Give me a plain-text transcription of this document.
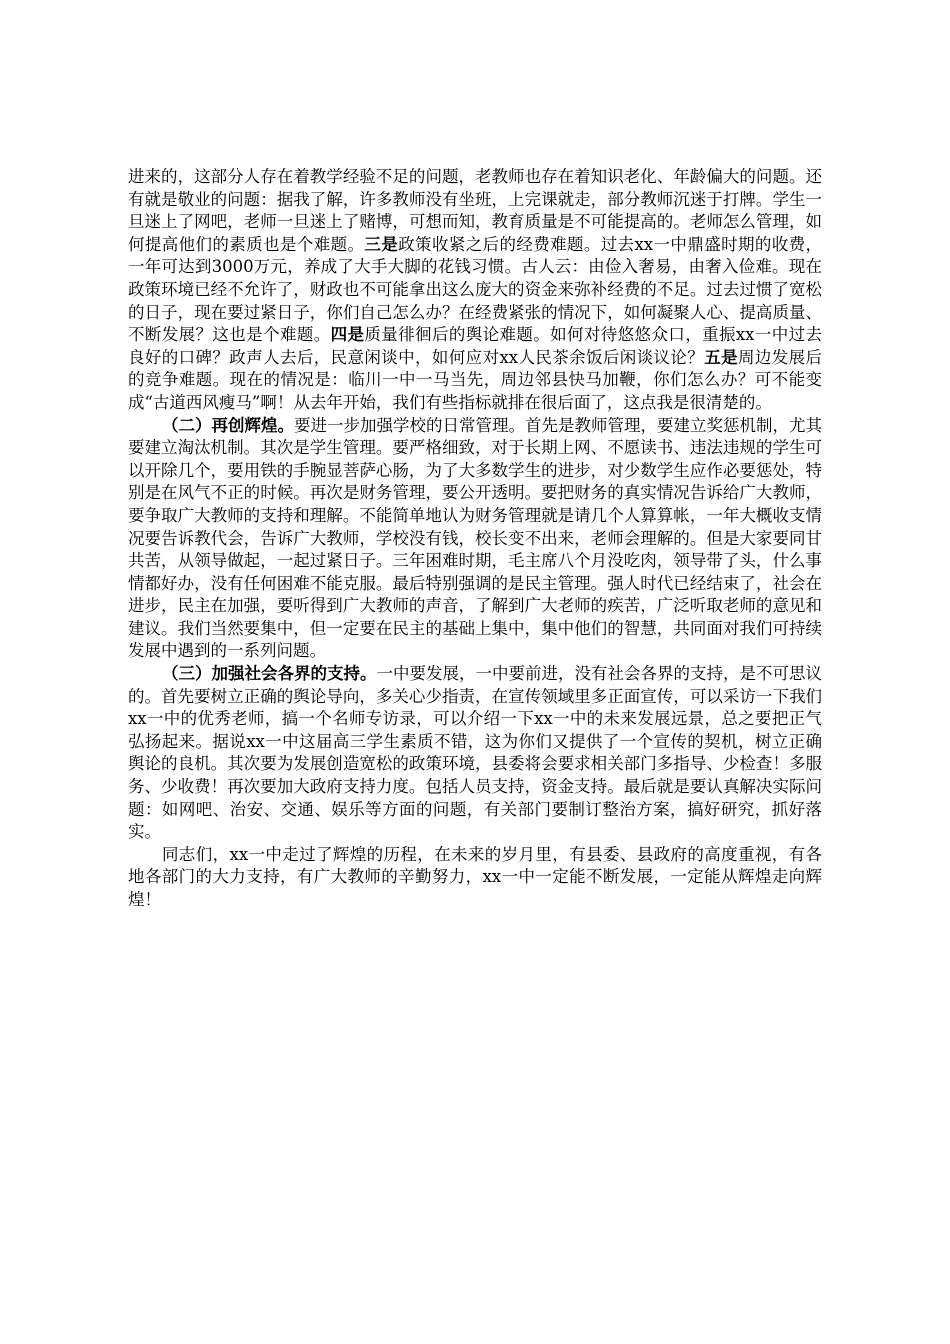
进来的，这部分人存在着教学经验不足的问题，老教师也存在着知识老化、年龄偏大的问题。还有就是敬业的问题：据我了解，许多教师没有坐班，上完课就走，部分教师沉迷于打牌。学生一旦迷上了网吧，老师一旦迷上了赌博，可想而知，教育质量是不可能提高的。老师怎么管理，如何提高他们的素质也是个难题。三是政策收紧之后的经费难题。过去xx一中鼎盛时期的收费，一年可达到3000万元，养成了大手大脚的花钱习惯。古人云：由俭入奢易，由奢入俭难。现在政策环境已经不允许了，财政也不可能拿出这么庞大的资金来弥补经费的不足。过去过惯了宽松的日子，现在要过紧日子，你们自己怎么办？在经费紧张的情况下，如何凝聚人心、提高质量、不断发展？这也是个难题。四是质量徘徊后的舆论难题。如何对待悠悠众口，重振xx一中过去良好的口碑？政声人去后，民意闲谈中，如何应对xx人民茶余饭后闲谈议论？五是周边发展后的竞争难题。现在的情况是：临川一中一马当先，周边邻县快马加鞭，你们怎么办？可不能变成“古道西风瘦马”啊！从去年开始，我们有些指标就排在很后面了，这点我是很清楚的。

（二）再创辉煌。要进一步加强学校的日常管理。首先是教师管理，要建立奖惩机制，尤其要建立淘汰机制。其次是学生管理。要严格细致，对于长期上网、不愿读书、违法违规的学生可以开除几个，要用铁的手腕显菩萨心肠，为了大多数学生的进步，对少数学生应作必要惩处，特别是在风气不正的时候。再次是财务管理，要公开透明。要把财务的真实情况告诉给广大教师，要争取广大教师的支持和理解。不能简单地认为财务管理就是请几个人算算帐，一年大概收支情况要告诉教代会，告诉广大教师，学校没有钱，校长变不出来，老师会理解的。但是大家要同甘共苦，从领导做起，一起过紧日子。三年困难时期，毛主席八个月没吃肉，领导带了头，什么事情都好办，没有任何困难不能克服。最后特别强调的是民主管理。强人时代已经结束了，社会在进步，民主在加强，要听得到广大教师的声音，了解到广大老师的疾苦，广泛听取老师的意见和建议。我们当然要集中，但一定要在民主的基础上集中，集中他们的智慧，共同面对我们可持续发展中遇到的一系列问题。

（三）加强社会各界的支持。一中要发展，一中要前进，没有社会各界的支持，是不可思议的。首先要树立正确的舆论导向，多关心少指责，在宣传领域里多正面宣传，可以采访一下我们xx一中的优秀老师，搞一个名师专访录，可以介绍一下xx一中的未来发展远景，总之要把正气弘扬起来。据说xx一中这届高三学生素质不错，这为你们又提供了一个宣传的契机，树立正确舆论的良机。其次要为发展创造宽松的政策环境，县委将会要求相关部门多指导、少检查！多服务、少收费！再次要加大政府支持力度。包括人员支持，资金支持。最后就是要认真解决实际问题：如网吧、治安、交通、娱乐等方面的问题，有关部门要制订整治方案，搞好研究，抓好落实。

同志们，xx一中走过了辉煌的历程，在未来的岁月里，有县委、县政府的高度重视，有各地各部门的大力支持，有广大教师的辛勤努力，xx一中一定能不断发展，一定能从辉煌走向辉煌！
